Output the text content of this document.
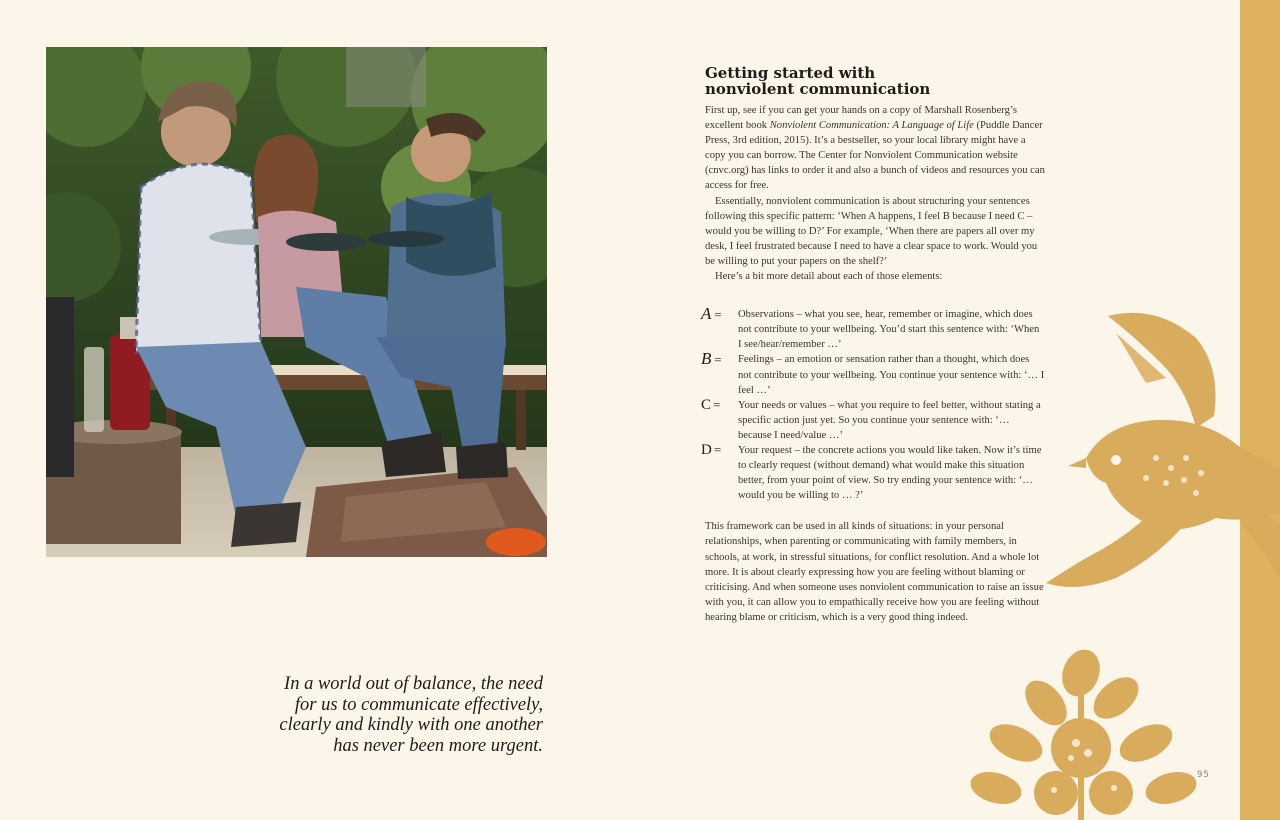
In a world out of balance, the need
for us to communicate effectively,
clearly and kindly with one another
has never been more urgent.

Getting started with
nonviolent communication

First up, see if you can get your hands on a copy of Marshall Rosenberg’s excellent book Nonviolent Communication: A Language of Life (Puddle Dancer Press, 3rd edition, 2015). It’s a bestseller, so your local library might have a copy you can borrow. The Center for Nonviolent Communication website (cnvc.org) has links to order it and also a bunch of videos and resources you can access for free.

Essentially, nonviolent communication is about structuring your sentences following this specific pattern: ‘When A happens, I feel B because I need C – would you be willing to D?’ For example, ‘When there are papers all over my desk, I feel frustrated because I need to have a clear space to work. Would you be willing to put your papers on the shelf?’

Here’s a bit more detail about each of those elements:

A =	Observations – what you see, hear, remember or imagine, which does not contribute to your wellbeing. You’d start this sentence with: ‘When I see/hear/remember …’
B =	Feelings – an emotion or sensation rather than a thought, which does not contribute to your wellbeing. You continue your sentence with: ‘… I feel …’
C =	Your needs or values – what you require to feel better, without stating a specific action just yet. So you continue your sentence with: ‘… because I need/value …’
D =	Your request – the concrete actions you would like taken. Now it’s time to clearly request (without demand) what would make this situation better, from your point of view. So try ending your sentence with: ‘… would you be willing to … ?’

This framework can be used in all kinds of situations: in your personal relationships, when parenting or communicating with family members, in schools, at work, in stressful situations, for conflict resolution. And a whole lot more. It is about clearly expressing how you are feeling without blaming or criticising. And when someone uses nonviolent communication to raise an issue with you, it can allow you to empathically receive how you are feeling without hearing blame or criticism, which is a very good thing indeed.

95
